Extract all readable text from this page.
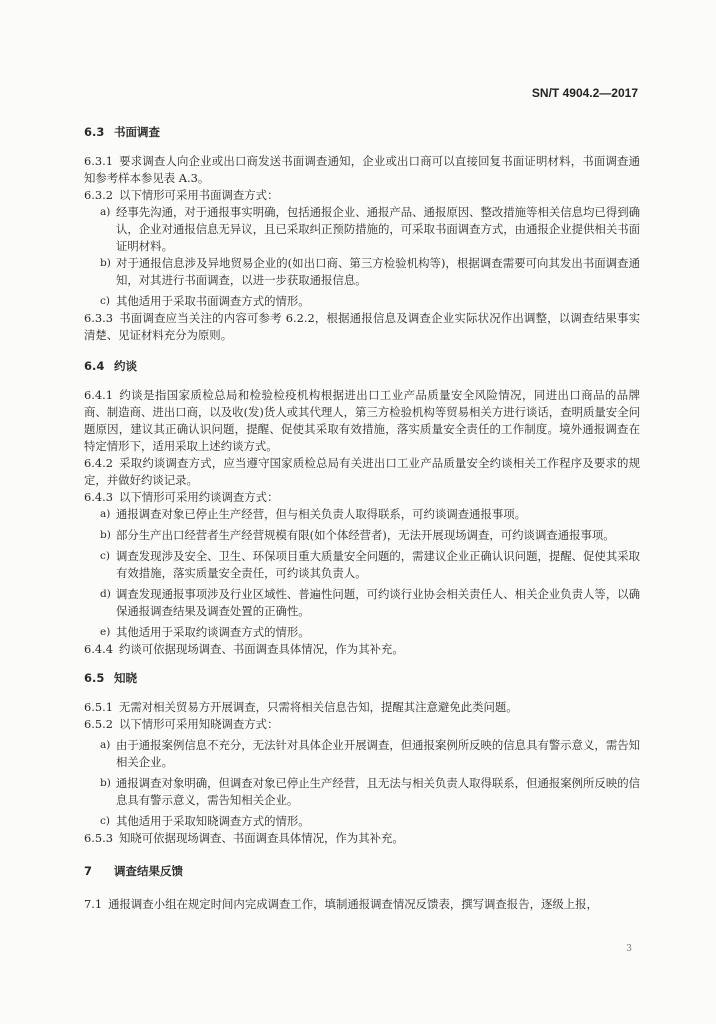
SN/T 4904.2—2017

6.3 书面调查

6.3.1 要求调查人向企业或出口商发送书面调查通知，企业或出口商可以直接回复书面证明材料，书面调查通知参考样本参见表 A.3。

6.3.2 以下情形可采用书面调查方式：

a) 经事先沟通，对于通报事实明确，包括通报企业、通报产品、通报原因、整改措施等相关信息均已得到确认，企业对通报信息无异议，且已采取纠正预防措施的，可采取书面调查方式，由通报企业提供相关书面证明材料。

b) 对于通报信息涉及异地贸易企业的(如出口商、第三方检验机构等)，根据调查需要可向其发出书面调查通知，对其进行书面调查，以进一步获取通报信息。

c) 其他适用于采取书面调查方式的情形。

6.3.3 书面调查应当关注的内容可参考 6.2.2，根据通报信息及调查企业实际状况作出调整，以调查结果事实清楚、见证材料充分为原则。

6.4 约谈

6.4.1 约谈是指国家质检总局和检验检疫机构根据进出口工业产品质量安全风险情况，同进出口商品的品牌商、制造商、进出口商，以及收(发)货人或其代理人，第三方检验机构等贸易相关方进行谈话，查明质量安全问题原因，建议其正确认识问题，提醒、促使其采取有效措施，落实质量安全责任的工作制度。境外通报调查在特定情形下，适用采取上述约谈方式。

6.4.2 采取约谈调查方式，应当遵守国家质检总局有关进出口工业产品质量安全约谈相关工作程序及要求的规定，并做好约谈记录。

6.4.3 以下情形可采用约谈调查方式：

a) 通报调查对象已停止生产经营，但与相关负责人取得联系，可约谈调查通报事项。

b) 部分生产出口经营者生产经营规模有限(如个体经营者)，无法开展现场调查，可约谈调查通报事项。

c) 调查发现涉及安全、卫生、环保项目重大质量安全问题的，需建议企业正确认识问题，提醒、促使其采取有效措施，落实质量安全责任，可约谈其负责人。

d) 调查发现通报事项涉及行业区域性、普遍性问题，可约谈行业协会相关责任人、相关企业负责人等，以确保通报调查结果及调查处置的正确性。

e) 其他适用于采取约谈调查方式的情形。

6.4.4 约谈可依据现场调查、书面调查具体情况，作为其补充。

6.5 知晓

6.5.1 无需对相关贸易方开展调查，只需将相关信息告知，提醒其注意避免此类问题。

6.5.2 以下情形可采用知晓调查方式：

a) 由于通报案例信息不充分，无法针对具体企业开展调查，但通报案例所反映的信息具有警示意义，需告知相关企业。

b) 通报调查对象明确，但调查对象已停止生产经营，且无法与相关负责人取得联系，但通报案例所反映的信息具有警示意义，需告知相关企业。

c) 其他适用于采取知晓调查方式的情形。

6.5.3 知晓可依据现场调查、书面调查具体情况，作为其补充。

7 调查结果反馈

7.1 通报调查小组在规定时间内完成调查工作，填制通报调查情况反馈表，撰写调查报告，逐级上报，

3
